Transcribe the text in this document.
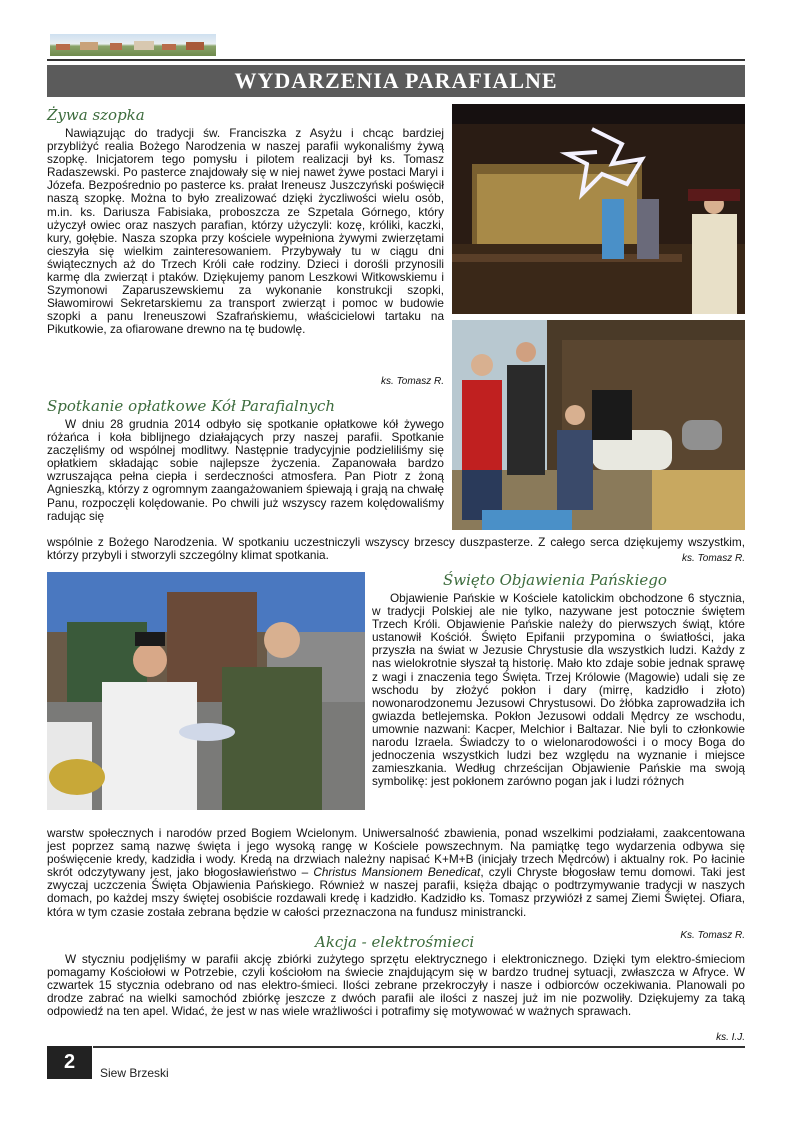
WYDARZENIA PARAFIALNE
Żywa szopka

Nawiązując do tradycji św. Franciszka z Asyżu i chcąc bardziej przybliżyć realia Bożego Narodzenia w naszej parafii wykonaliśmy żywą szopkę. Inicjatorem tego pomysłu i pilotem realizacji był ks. Tomasz Radaszewski. Po pasterce znajdowały się w niej nawet żywe postaci Maryi i Józefa. Bezpośrednio po pasterce ks. prałat Ireneusz Juszczyński poświęcił naszą szopkę. Można to było zrealizować dzięki życzliwości wielu osób, m.in. ks. Dariusza Fabisiaka, proboszcza ze Szpetala Górnego, który użyczył owiec oraz naszych parafian, którzy użyczyli: kozę, króliki, kaczki, kury, gołębie. Nasza szopka przy kościele wypełniona żywymi zwierzętami cieszyła się wielkim zainteresowaniem. Przybywały tu w ciągu dni świątecznych aż do Trzech Króli całe rodziny. Dzieci i dorośli przynosili karmę dla zwierząt i ptaków. Dziękujemy panom Leszkowi Witkowskiemu i Szymonowi Zaparuszewskiemu za wykonanie konstrukcji szopki, Sławomirowi Sekretarskiemu za transport zwierząt i pomoc w budowie szopki a panu Ireneuszowi Szafrańskiemu, właścicielowi tartaku na Pikutkowie, za ofiarowane drewno na tę budowlę.

ks. Tomasz R.
Spotkanie opłatkowe Kół Parafialnych

W dniu 28 grudnia 2014 odbyło się spotkanie opłatkowe kół żywego różańca i koła biblijnego działających przy naszej parafii. Spotkanie zaczęliśmy od wspólnej modlitwy. Następnie tradycyjnie podzieliliśmy się opłatkiem składając sobie najlepsze życzenia. Zapanowała bardzo wzruszająca pełna ciepła i serdeczności atmosfera. Pan Piotr z żoną Agnieszką, którzy z ogromnym zaangażowaniem śpiewają i grają na chwałę Panu, rozpoczęli kolędowanie. Po chwili już wszyscy razem kolędowaliśmy radując się

wspólnie z Bożego Narodzenia. W spotkaniu uczestniczyli wszyscy brzescy duszpasterze. Z całego serca dziękujemy wszystkim, którzy przybyli i stworzyli szczególny klimat spotkania.	ks. Tomasz R.
Święto Objawienia Pańskiego

Objawienie Pańskie w Kościele katolickim obchodzone 6 stycznia, w tradycji Polskiej ale nie tylko, nazywane jest potocznie świętem Trzech Króli. Objawienie Pańskie należy do pierwszych świąt, które ustanowił Kościół. Święto Epifanii przypomina o światłości, jaka przyszła na świat w Jezusie Chrystusie dla wszystkich ludzi. Każdy z nas wielokrotnie słyszał tą historię. Mało kto zdaje sobie jednak sprawę z wagi i znaczenia tego Święta. Trzej Królowie (Magowie) udali się ze wschodu by złożyć pokłon i dary (mirrę, kadzidło i złoto) nowonarodzonemu Jezusowi Chrystusowi. Do żłóbka zaprowadziła ich gwiazda betlejemska. Pokłon Jezusowi oddali Mędrcy ze wschodu, umownie nazwani: Kacper, Melchior i Baltazar. Nie byli to członkowie narodu Izraela. Świadczy to o wielonarodowości i o mocy Boga do jednoczenia wszystkich ludzi bez względu na wyznanie i miejsce zamieszkania. Według chrześcijan Objawienie Pańskie ma swoją symbolikę: jest pokłonem zarówno pogan jak i ludzi różnych

warstw społecznych i narodów przed Bogiem Wcielonym. Uniwersalność zbawienia, ponad wszelkimi podziałami, zaakcentowana jest poprzez samą nazwę święta i jego wysoką rangę w Kościele powszechnym. Na pamiątkę tego wydarzenia odbywa się poświęcenie kredy, kadzidła i wody. Kredą na drzwiach należny napisać K+M+B (inicjały trzech Mędrców) i aktualny rok. Po łacinie skrót odczytywany jest, jako błogosławieństwo – Christus Mansionem Benedicat, czyli Chryste błogosław temu domowi. Taki jest zwyczaj uczczenia Święta Objawienia Pańskiego. Również w naszej parafii, księża dbając o podtrzymywanie tradycji w naszych domach, po każdej mszy świętej osobiście rozdawali kredę i kadzidło. Kadzidło ks. Tomasz przywiózł z samej Ziemi Świętej. Ofiara, która w tym czasie została zebrana będzie w całości przeznaczona na fundusz ministrancki.
Ks. Tomasz R.
Akcja - elektrośmieci

W styczniu podjęliśmy w parafii akcję zbiórki zużytego sprzętu elektrycznego i elektronicznego. Dzięki tym elektro-śmieciom pomagamy Kościołowi w Potrzebie, czyli kościołom na świecie znajdującym się w bardzo trudnej sytuacji, zwłaszcza w Afryce. W czwartek 15 stycznia odebrano od nas elektro-śmieci. Ilości zebrane przekroczyły i nasze i odbiorców oczekiwania. Planowali po drodze zabrać na wielki samochód zbiórkę jeszcze z dwóch parafii ale ilości z naszej już im nie pozwoliły. Dziękujemy za taką odpowiedź na ten apel. Widać, że jest w nas wiele wrażliwości i potrafimy się motywować w ważnych sprawach.

ks. I.J.
2	Siew Brzeski
